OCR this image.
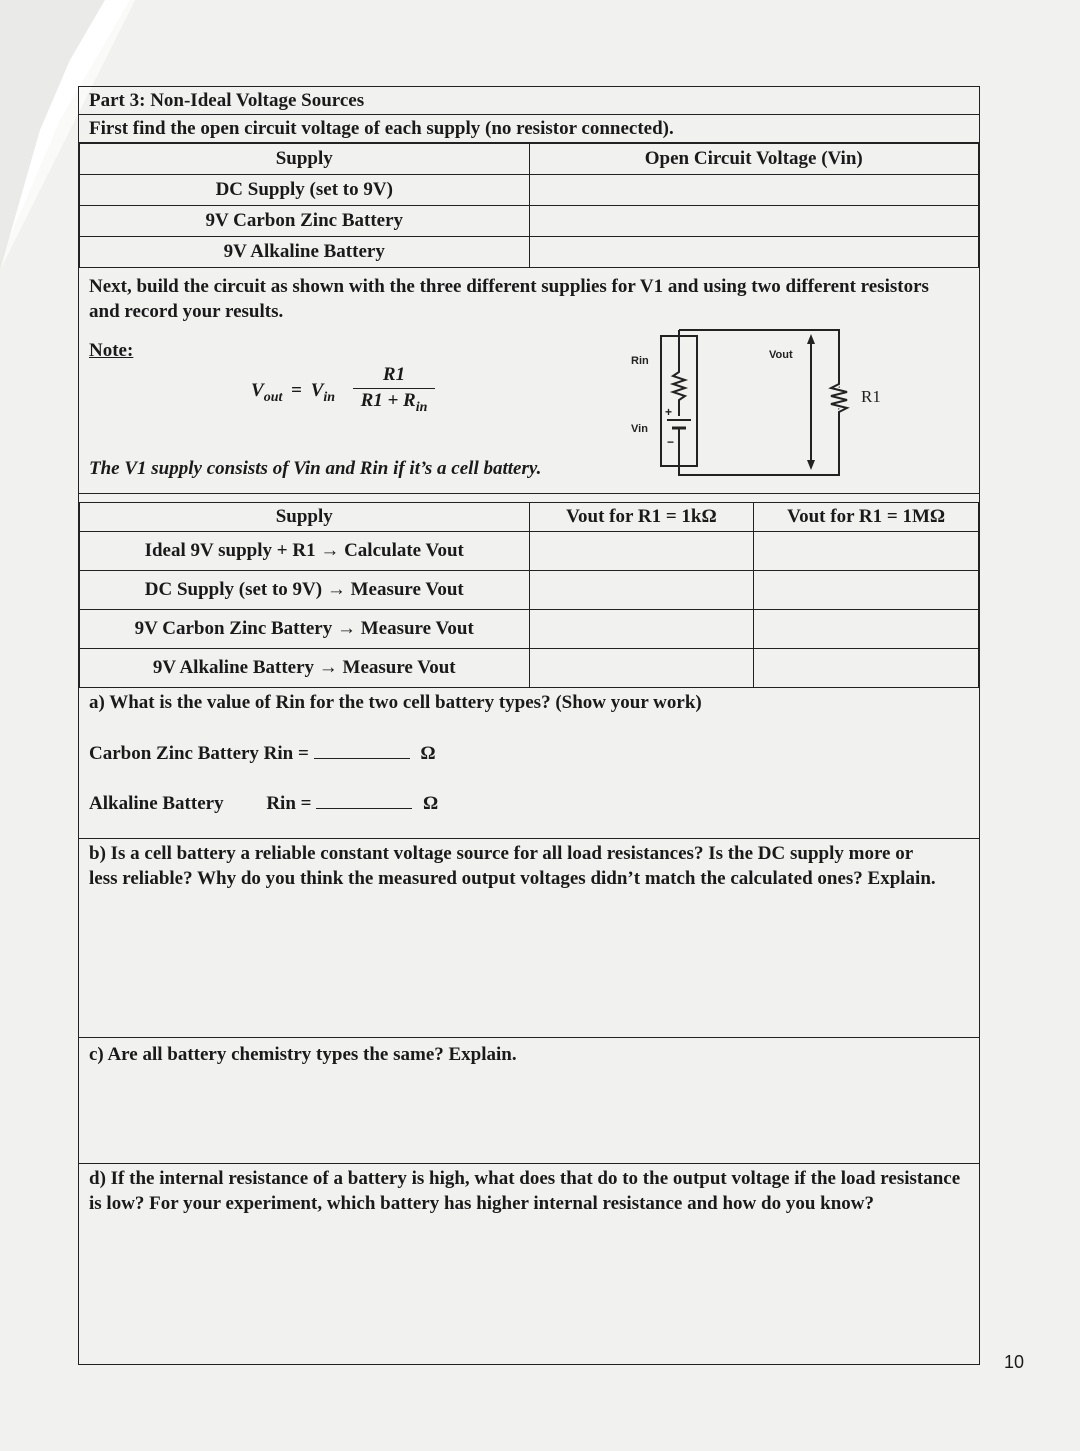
Part 3: Non-Ideal Voltage Sources
First find the open circuit voltage of each supply (no resistor connected).
Supply	Open Circuit Voltage (Vin)
DC Supply (set to 9V)	
9V Carbon Zinc Battery	
9V Alkaline Battery	
Next, build the circuit as shown with the three different supplies for V1 and using two different resistors and record your results.
Note:
$V_{out} = V_{in}$
R1
$R1 + R_{in}$
The V1 supply consists of Vin and Rin if it’s a cell battery.
Rin
Vin
Vout
+
−
R1
Supply	Vout for R1 = 1kΩ	Vout for R1 = 1MΩ
Ideal 9V supply + R1 → Calculate Vout		
DC Supply (set to 9V) → Measure Vout		
9V Carbon Zinc Battery → Measure Vout		
9V Alkaline Battery → Measure Vout		
a) What is the value of Rin for the two cell battery types? (Show your work)
Carbon Zinc Battery Rin =	Ω
Alkaline Battery Rin =	Ω
b) Is a cell battery a reliable constant voltage source for all load resistances? Is the DC supply more or less reliable? Why do you think the measured output voltages didn’t match the calculated ones? Explain.
c) Are all battery chemistry types the same? Explain.
d) If the internal resistance of a battery is high, what does that do to the output voltage if the load resistance is low? For your experiment, which battery has higher internal resistance and how do you know?
10
